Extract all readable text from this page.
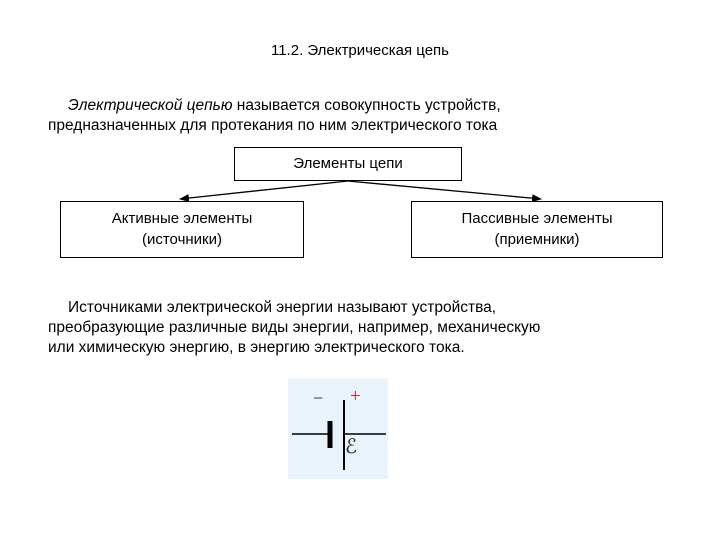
11.2. Электрическая цепь
Электрической цепью называется совокупность устройств,
предназначенных для протекания по ним электрического тока
Элементы цепи
Активные элементы
(источники)
Пассивные элементы
(приемники)
Источниками электрической энергии называют устройства,
преобразующие различные виды энергии, например, механическую
или химическую энергию, в энергию электрического тока.
− +
ℰ
